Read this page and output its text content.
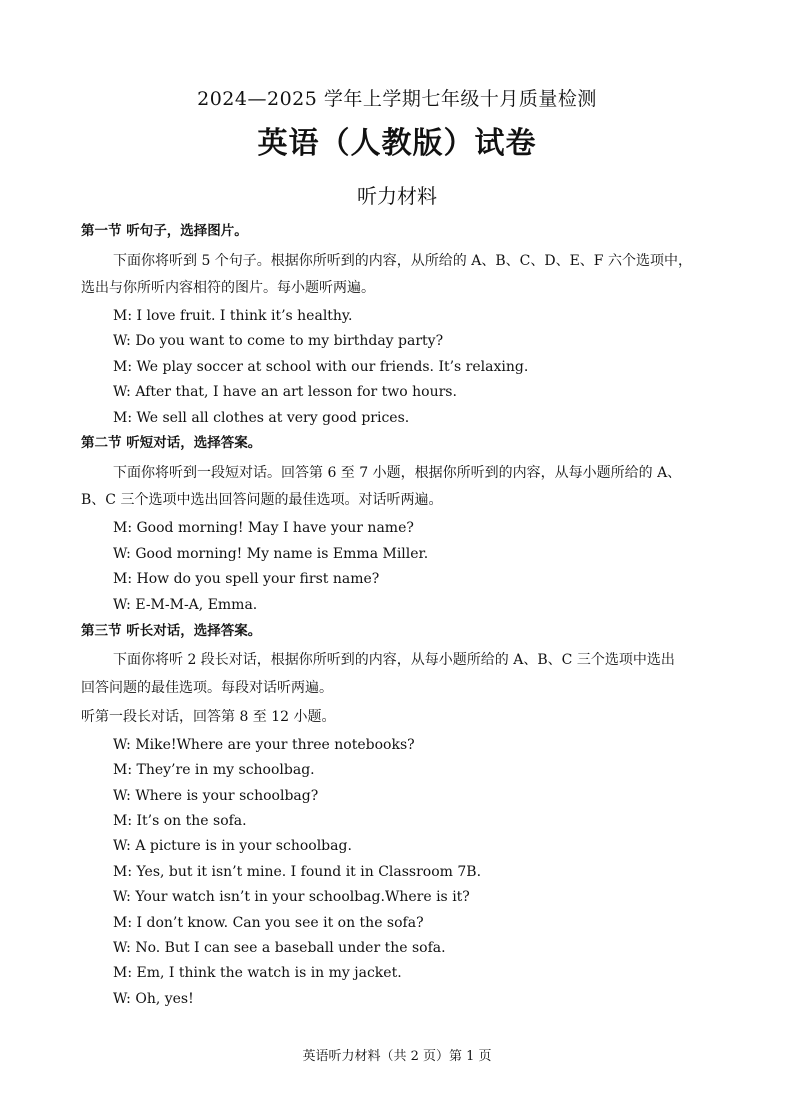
2024—2025 学年上学期七年级十月质量检测
英语（人教版）试卷
听力材料
第一节 听句子，选择图片。
下面你将听到 5 个句子。根据你所听到的内容，从所给的 A、B、C、D、E、F 六个选项中，
选出与你所听内容相符的图片。每小题听两遍。
M: I love fruit. I think it’s healthy.
W: Do you want to come to my birthday party?
M: We play soccer at school with our friends. It’s relaxing.
W: After that, I have an art lesson for two hours.
M: We sell all clothes at very good prices.
第二节 听短对话，选择答案。
下面你将听到一段短对话。回答第 6 至 7 小题，根据你所听到的内容，从每小题所给的 A、
B、C 三个选项中选出回答问题的最佳选项。对话听两遍。
M: Good morning! May I have your name?
W: Good morning! My name is Emma Miller.
M: How do you spell your first name?
W: E-M-M-A, Emma.
第三节 听长对话，选择答案。
下面你将听 2 段长对话，根据你所听到的内容，从每小题所给的 A、B、C 三个选项中选出
回答问题的最佳选项。每段对话听两遍。
听第一段长对话，回答第 8 至 12 小题。
W: Mike!Where are your three notebooks?
M: They’re in my schoolbag.
W: Where is your schoolbag?
M: It’s on the sofa.
W: A picture is in your schoolbag.
M: Yes, but it isn’t mine. I found it in Classroom 7B.
W: Your watch isn’t in your schoolbag.Where is it?
M: I don’t know. Can you see it on the sofa?
W: No. But I can see a baseball under the sofa.
M: Em, I think the watch is in my jacket.
W: Oh, yes!
英语听力材料（共 2 页）第 1 页
